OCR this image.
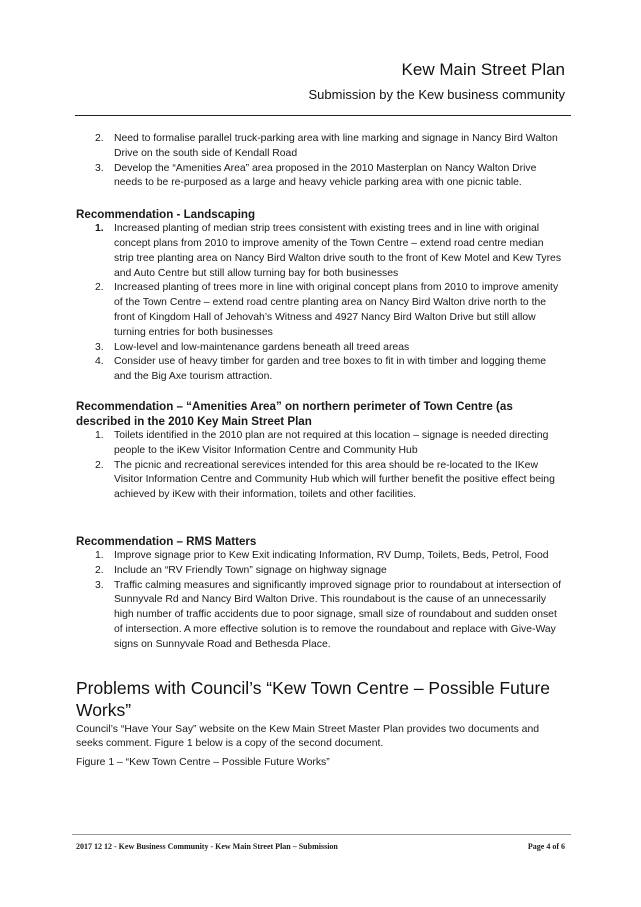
Kew Main Street Plan
Submission by the Kew business community
2. Need to formalise parallel truck-parking area with line marking and signage in Nancy Bird Walton Drive on the south side of Kendall Road
3. Develop the “Amenities Area” area proposed in the 2010 Masterplan on Nancy Walton Drive needs to be re-purposed as a large and heavy vehicle parking area with one picnic table.
Recommendation - Landscaping
1. Increased planting of median strip trees consistent with existing trees and in line with original concept plans from 2010 to improve amenity of the Town Centre – extend road centre median strip tree planting area on Nancy Bird Walton drive south to the front of Kew Motel and Kew Tyres and Auto Centre but still allow turning bay for both businesses
2. Increased planting of trees more in line with original concept plans from 2010 to improve amenity of the Town Centre – extend road centre planting area on Nancy Bird Walton drive north to the front of Kingdom Hall of Jehovah’s Witness and 4927 Nancy Bird Walton Drive but still allow turning entries for both businesses
3. Low-level and low-maintenance gardens beneath all treed areas
4. Consider use of heavy timber for garden and tree boxes to fit in with timber and logging theme and the Big Axe tourism attraction.
Recommendation – “Amenities Area” on northern perimeter of Town Centre (as described in the 2010 Key Main Street Plan
1. Toilets identified in the 2010 plan are not required at this location – signage is needed directing people to the iKew Visitor Information Centre and Community Hub
2. The picnic and recreational serevices intended for this area should be re-located to the IKew Visitor Information Centre and Community Hub which will further benefit the positive effect being achieved by iKew with their information, toilets and other facilities.
Recommendation – RMS Matters
1. Improve signage prior to Kew Exit indicating Information, RV Dump, Toilets, Beds, Petrol, Food
2. Include an “RV Friendly Town” signage on highway signage
3. Traffic calming measures and significantly improved signage prior to roundabout at intersection of Sunnyvale Rd and Nancy Bird Walton Drive. This roundabout is the cause of an unnecessarily high number of traffic accidents due to poor signage, small size of roundabout and sudden onset of intersection. A more effective solution is to remove the roundabout and replace with Give-Way signs on Sunnyvale Road and Bethesda Place.
Problems with Council’s “Kew Town Centre – Possible Future Works”
Council’s “Have Your Say” website on the Kew Main Street Master Plan provides two documents and seeks comment. Figure 1 below is a copy of the second document.
Figure 1 – “Kew Town Centre – Possible Future Works”
2017 12 12 - Kew Business Community - Kew Main Street Plan – Submission	Page 4 of 6
